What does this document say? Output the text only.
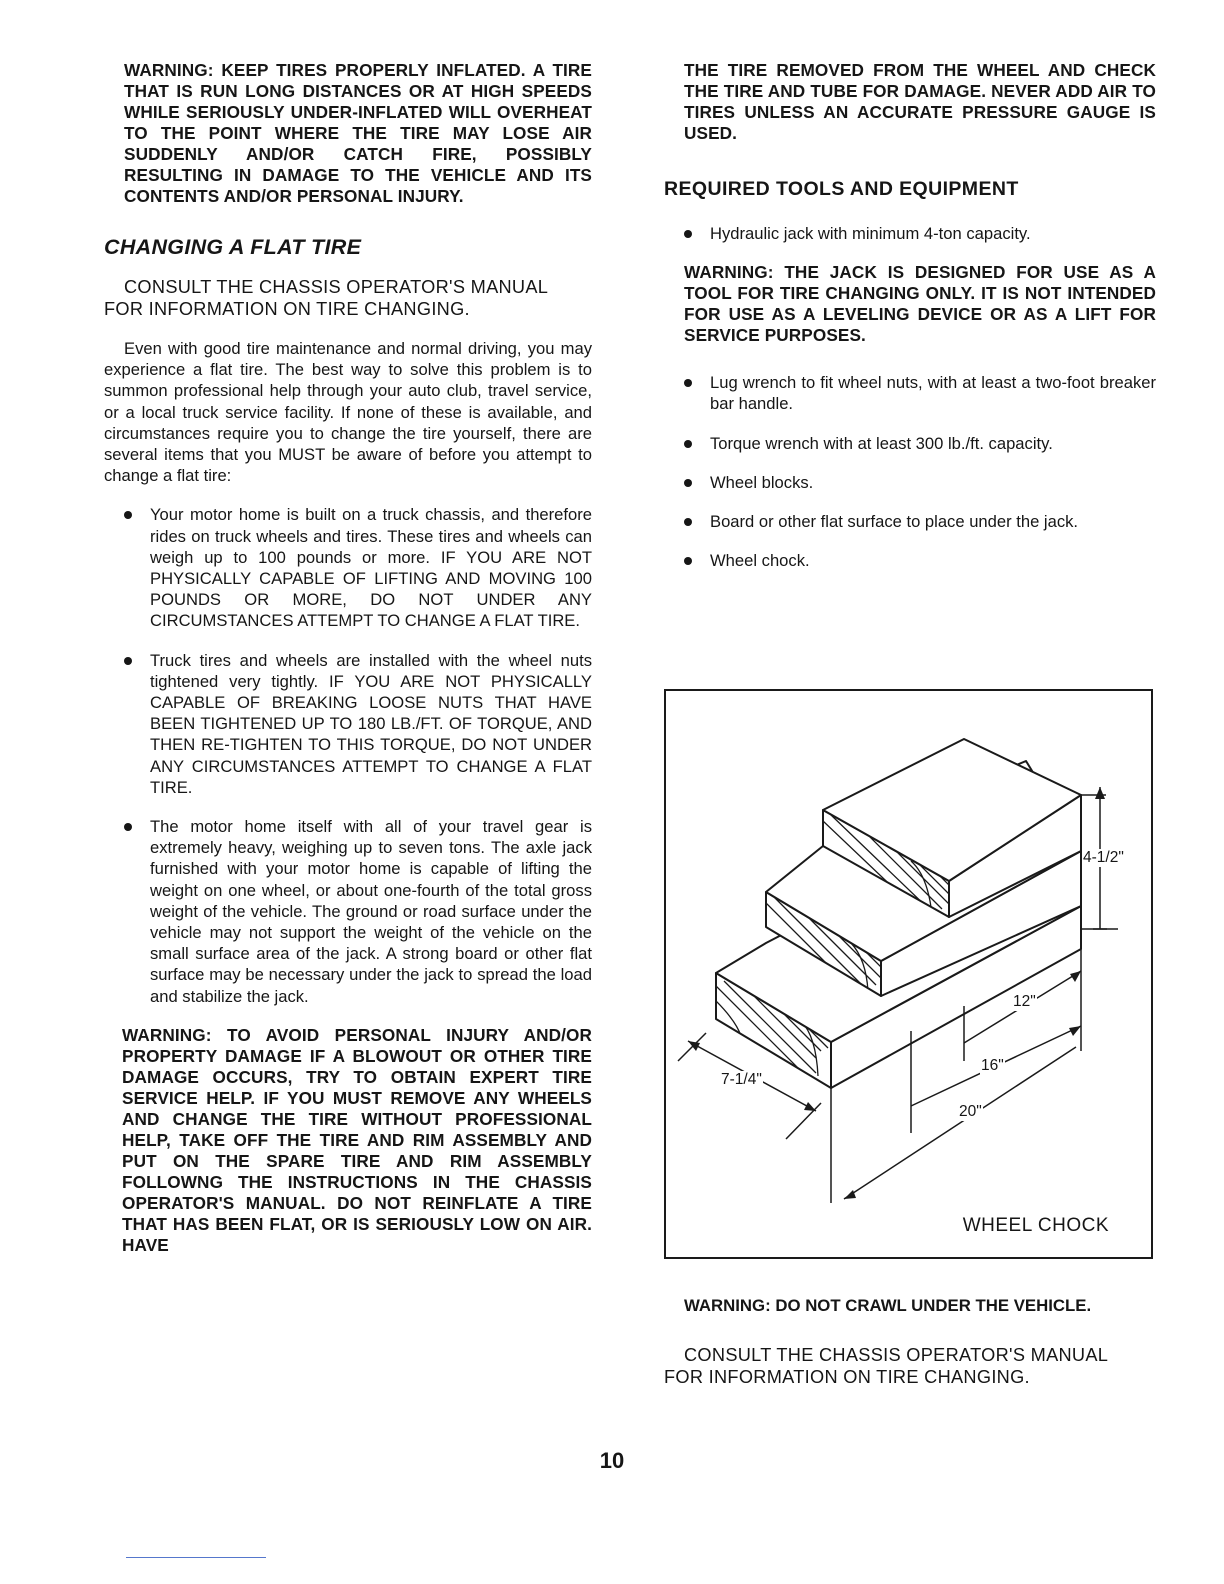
WARNING: KEEP TIRES PROPERLY INFLATED. A TIRE THAT IS RUN LONG DISTANCES OR AT HIGH SPEEDS WHILE SERIOUSLY UNDER-INFLATED WILL OVERHEAT TO THE POINT WHERE THE TIRE MAY LOSE AIR SUDDENLY AND/OR CATCH FIRE, POSSIBLY RESULTING IN DAMAGE TO THE VEHICLE AND ITS CONTENTS AND/OR PERSONAL INJURY.

CHANGING A FLAT TIRE

CONSULT THE CHASSIS OPERATOR'S MANUAL FOR INFORMATION ON TIRE CHANGING.

Even with good tire maintenance and normal driving, you may experience a flat tire. The best way to solve this problem is to summon professional help through your auto club, travel service, or a local truck service facility. If none of these is available, and circumstances require you to change the tire yourself, there are several items that you MUST be aware of before you attempt to change a flat tire:

Your motor home is built on a truck chassis, and therefore rides on truck wheels and tires. These tires and wheels can weigh up to 100 pounds or more. IF YOU ARE NOT PHYSICALLY CAPABLE OF LIFTING AND MOVING 100 POUNDS OR MORE, DO NOT UNDER ANY CIRCUMSTANCES ATTEMPT TO CHANGE A FLAT TIRE.
Truck tires and wheels are installed with the wheel nuts tightened very tightly. IF YOU ARE NOT PHYSICALLY CAPABLE OF BREAKING LOOSE NUTS THAT HAVE BEEN TIGHTENED UP TO 180 LB./FT. OF TORQUE, AND THEN RE-TIGHTEN TO THIS TORQUE, DO NOT UNDER ANY CIRCUMSTANCES ATTEMPT TO CHANGE A FLAT TIRE.
The motor home itself with all of your travel gear is extremely heavy, weighing up to seven tons. The axle jack furnished with your motor home is capable of lifting the weight on one wheel, or about one-fourth of the total gross weight of the vehicle. The ground or road surface under the vehicle may not support the weight of the vehicle on the small surface area of the jack. A strong board or other flat surface may be necessary under the jack to spread the load and stabilize the jack.

WARNING: TO AVOID PERSONAL INJURY AND/OR PROPERTY DAMAGE IF A BLOWOUT OR OTHER TIRE DAMAGE OCCURS, TRY TO OBTAIN EXPERT TIRE SERVICE HELP. IF YOU MUST REMOVE ANY WHEELS AND CHANGE THE TIRE WITHOUT PROFESSIONAL HELP, TAKE OFF THE TIRE AND RIM ASSEMBLY AND PUT ON THE SPARE TIRE AND RIM ASSEMBLY FOLLOWNG THE INSTRUCTIONS IN THE CHASSIS OPERATOR'S MANUAL. DO NOT REINFLATE A TIRE THAT HAS BEEN FLAT, OR IS SERIOUSLY LOW ON AIR. HAVE

THE TIRE REMOVED FROM THE WHEEL AND CHECK THE TIRE AND TUBE FOR DAMAGE. NEVER ADD AIR TO TIRES UNLESS AN ACCURATE PRESSURE GAUGE IS USED.

REQUIRED TOOLS AND EQUIPMENT
Hydraulic jack with minimum 4-ton capacity.

WARNING: THE JACK IS DESIGNED FOR USE AS A TOOL FOR TIRE CHANGING ONLY. IT IS NOT INTENDED FOR USE AS A LEVELING DEVICE OR AS A LIFT FOR SERVICE PURPOSES.

Lug wrench to fit wheel nuts, with at least a two-foot breaker bar handle.
Torque wrench with at least 300 lb./ft. capacity.
Wheel blocks.
Board or other flat surface to place under the jack.
Wheel chock.
4-1/2"
12"
16"
20"
7-1/4"
WHEEL CHOCK
WARNING: DO NOT CRAWL UNDER THE VEHICLE.

CONSULT THE CHASSIS OPERATOR'S MANUAL FOR INFORMATION ON TIRE CHANGING.

10
